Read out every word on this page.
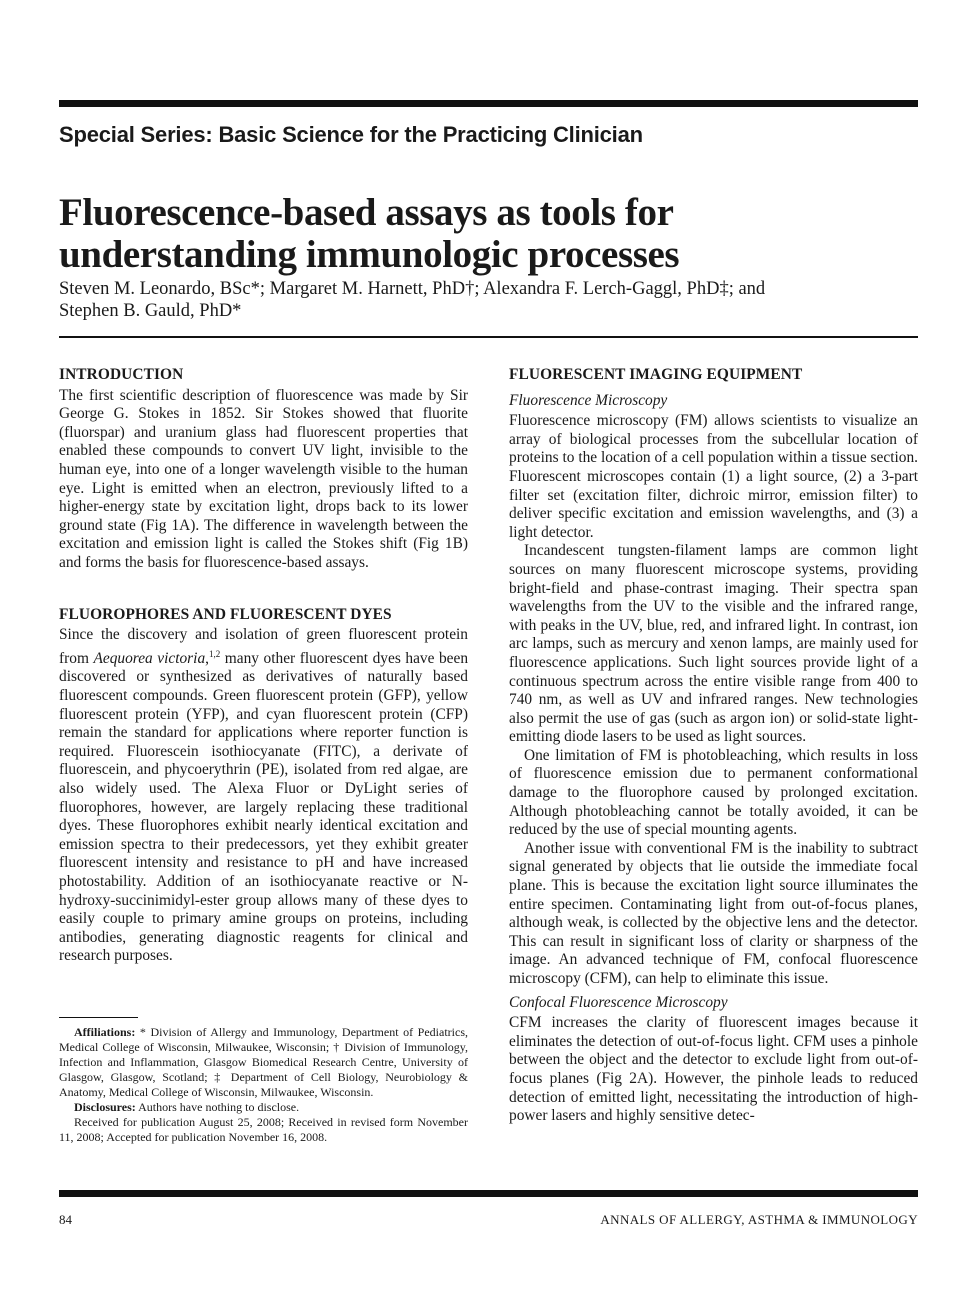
Special Series: Basic Science for the Practicing Clinician
Fluorescence-based assays as tools for
understanding immunologic processes
Steven M. Leonardo, BSc*; Margaret M. Harnett, PhD†; Alexandra F. Lerch-Gaggl, PhD‡; and
Stephen B. Gauld, PhD*
INTRODUCTION

The first scientific description of fluorescence was made by Sir George G. Stokes in 1852. Sir Stokes showed that fluorite (fluorspar) and uranium glass had fluorescent properties that enabled these compounds to convert UV light, invisible to the human eye, into one of a longer wavelength visible to the human eye. Light is emitted when an electron, previously lifted to a higher-energy state by excitation light, drops back to its lower ground state (Fig 1A). The difference in wavelength between the excitation and emission light is called the Stokes shift (Fig 1B) and forms the basis for fluorescence-based assays.

FLUOROPHORES AND FLUORESCENT DYES

Since the discovery and isolation of green fluorescent protein from Aequorea victoria,$^{1,2}$ many other fluorescent dyes have been discovered or synthesized as derivatives of naturally based fluorescent compounds. Green fluorescent protein (GFP), yellow fluorescent protein (YFP), and cyan fluorescent protein (CFP) remain the standard for applications where reporter function is required. Fluorescein isothiocyanate (FITC), a derivate of fluorescein, and phycoerythrin (PE), isolated from red algae, are also widely used. The Alexa Fluor or DyLight series of fluorophores, however, are largely replacing these traditional dyes. These fluorophores exhibit nearly identical excitation and emission spectra to their predecessors, yet they exhibit greater fluorescent intensity and resistance to pH and have increased photostability. Addition of an isothiocyanate reactive or N-hydroxy-succinimidyl-ester group allows many of these dyes to easily couple to primary amine groups on proteins, including antibodies, generating diagnostic reagents for clinical and research purposes.

Affiliations: * Division of Allergy and Immunology, Department of Pediatrics, Medical College of Wisconsin, Milwaukee, Wisconsin; † Division of Immunology, Infection and Inflammation, Glasgow Biomedical Research Centre, University of Glasgow, Glasgow, Scotland; ‡ Department of Cell Biology, Neurobiology & Anatomy, Medical College of Wisconsin, Milwaukee, Wisconsin.

Disclosures: Authors have nothing to disclose.

Received for publication August 25, 2008; Received in revised form November 11, 2008; Accepted for publication November 16, 2008.

FLUORESCENT IMAGING EQUIPMENT
Fluorescence Microscopy

Fluorescence microscopy (FM) allows scientists to visualize an array of biological processes from the subcellular location of proteins to the location of a cell population within a tissue section. Fluorescent microscopes contain (1) a light source, (2) a 3-part filter set (excitation filter, dichroic mirror, emission filter) to deliver specific excitation and emission wavelengths, and (3) a light detector.

Incandescent tungsten-filament lamps are common light sources on many fluorescent microscope systems, providing bright-field and phase-contrast imaging. Their spectra span wavelengths from the UV to the visible and the infrared range, with peaks in the UV, blue, red, and infrared light. In contrast, ion arc lamps, such as mercury and xenon lamps, are mainly used for fluorescence applications. Such light sources provide light of a continuous spectrum across the entire visible range from 400 to 740 nm, as well as UV and infrared ranges. New technologies also permit the use of gas (such as argon ion) or solid-state light-emitting diode lasers to be used as light sources.

One limitation of FM is photobleaching, which results in loss of fluorescence emission due to permanent conformational damage to the fluorophore caused by prolonged excitation. Although photobleaching cannot be totally avoided, it can be reduced by the use of special mounting agents.

Another issue with conventional FM is the inability to subtract signal generated by objects that lie outside the immediate focal plane. This is because the excitation light source illuminates the entire specimen. Contaminating light from out-of-focus planes, although weak, is collected by the objective lens and the detector. This can result in significant loss of clarity or sharpness of the image. An advanced technique of FM, confocal fluorescence microscopy (CFM), can help to eliminate this issue.

Confocal Fluorescence Microscopy

CFM increases the clarity of fluorescent images because it eliminates the detection of out-of-focus light. CFM uses a pinhole between the object and the detector to exclude light from out-of-focus planes (Fig 2A). However, the pinhole leads to reduced detection of emitted light, necessitating the introduction of high-power lasers and highly sensitive detec-

84	ANNALS OF ALLERGY, ASTHMA & IMMUNOLOGY
